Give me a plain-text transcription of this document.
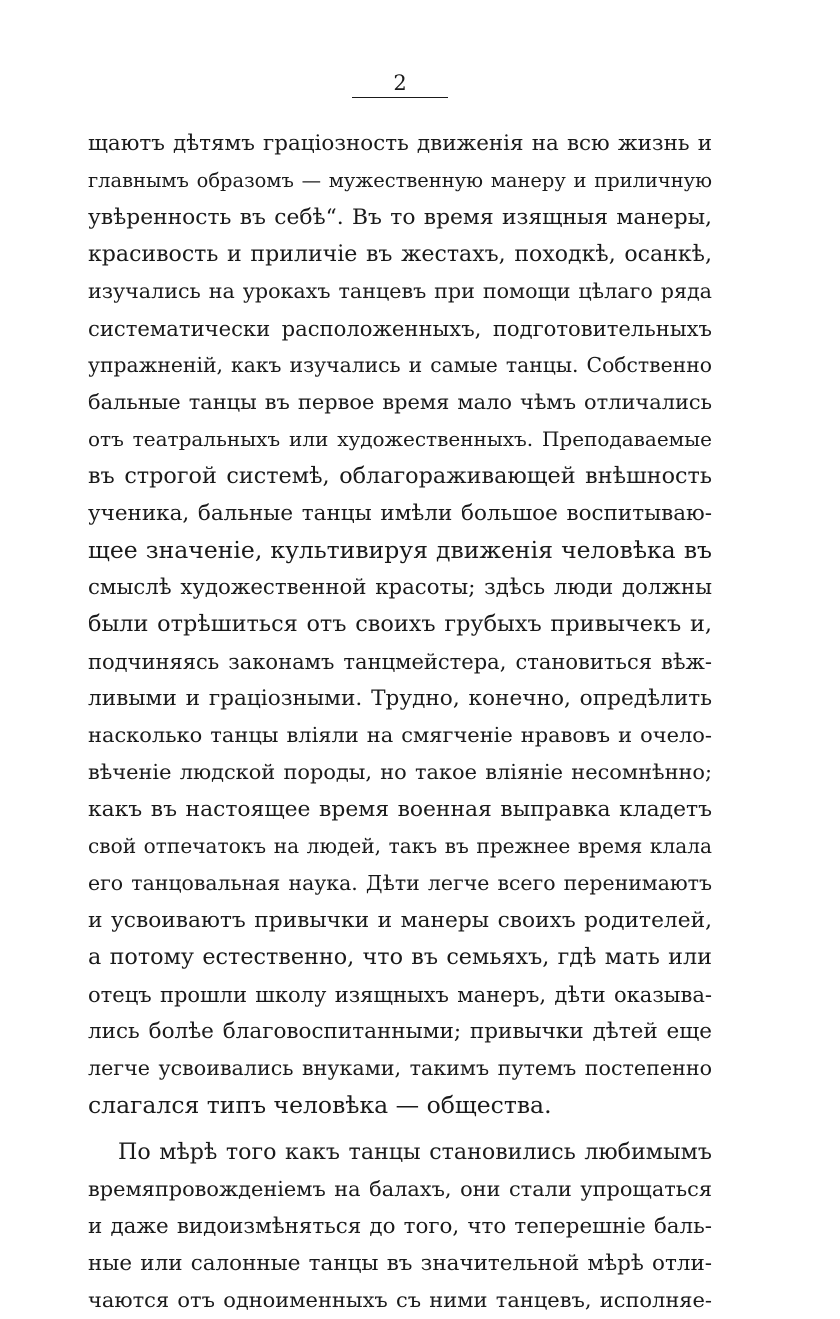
2
щаютъ дѣтямъ граціозность движенія на всю жизнь и
главнымъ образомъ — мужественную манеру и приличную
увѣренность въ себѣ“. Въ то время изящныя манеры,
красивость и приличіе въ жестахъ, походкѣ, осанкѣ,
изучались на урокахъ танцевъ при помощи цѣлаго ряда
систематически расположенныхъ, подготовительныхъ
упражненій, какъ изучались и самые танцы. Собственно
бальные танцы въ первое время мало чѣмъ отличались
отъ театральныхъ или художественныхъ. Преподаваемые
въ строгой системѣ, облагораживающей внѣшность
ученика, бальные танцы имѣли большое воспитываю-
щее значеніе, культивируя движенія человѣка въ
смыслѣ художественной красоты; здѣсь люди должны
были отрѣшиться отъ своихъ грубыхъ привычекъ и,
подчиняясь законамъ танцмейстера, становиться вѣж-
ливыми и граціозными. Трудно, конечно, опредѣлить
насколько танцы вліяли на смягченіе нравовъ и очело-
вѣченіе людской породы, но такое вліяніе несомнѣнно;
какъ въ настоящее время военная выправка кладетъ
свой отпечатокъ на людей, такъ въ прежнее время клала
его танцовальная наука. Дѣти легче всего перенимаютъ
и усвоиваютъ привычки и манеры своихъ родителей,
а потому естественно, что въ семьяхъ, гдѣ мать или
отецъ прошли школу изящныхъ манеръ, дѣти оказыва-
лись болѣе благовоспитанными; привычки дѣтей еще
легче усвоивались внуками, такимъ путемъ постепенно
слагался типъ человѣка — общества.
По мѣрѣ того какъ танцы становились любимымъ
времяпровожденіемъ на балахъ, они стали упрощаться
и даже видоизмѣняться до того, что теперешніе баль-
ные или салонные танцы въ значительной мѣрѣ отли-
чаются отъ одноименныхъ съ ними танцевъ, исполняе-
